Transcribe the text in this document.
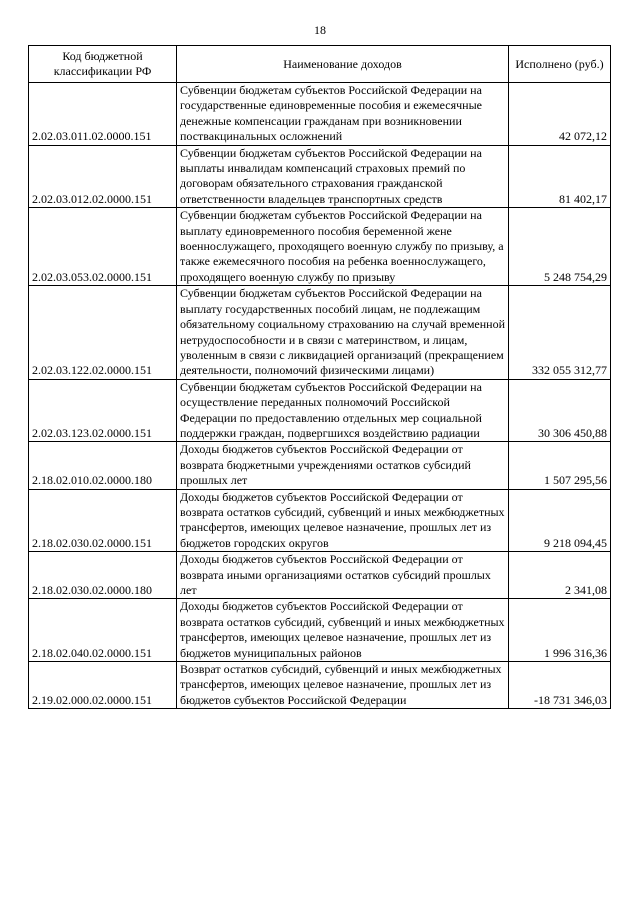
18
Код бюджетной классификации РФ	Наименование доходов	Исполнено (руб.)
2.02.03.011.02.0000.151	Субвенции бюджетам субъектов Российской Федерации на государственные единовременные пособия и ежемесячные денежные компенсации гражданам при возникновении поствакцинальных осложнений	42 072,12
2.02.03.012.02.0000.151	Субвенции бюджетам субъектов Российской Федерации на выплаты инвалидам компенсаций страховых премий по договорам обязательного страхования гражданской ответственности владельцев транспортных средств	81 402,17
2.02.03.053.02.0000.151	Субвенции бюджетам субъектов Российской Федерации на выплату единовременного пособия беременной жене военнослужащего, проходящего военную службу по призыву, а также ежемесячного пособия на ребенка военнослужащего, проходящего военную службу по призыву	5 248 754,29
2.02.03.122.02.0000.151	Субвенции бюджетам субъектов Российской Федерации на выплату государственных пособий лицам, не подлежащим обязательному социальному страхованию на случай временной нетрудоспособности и в связи с материнством, и лицам, уволенным в связи с ликвидацией организаций (прекращением деятельности, полномочий физическими лицами)	332 055 312,77
2.02.03.123.02.0000.151	Субвенции бюджетам субъектов Российской Федерации на осуществление переданных полномочий Российской Федерации по предоставлению отдельных мер социальной поддержки граждан, подвергшихся воздействию радиации	30 306 450,88
2.18.02.010.02.0000.180	Доходы бюджетов субъектов Российской Федерации от возврата бюджетными учреждениями остатков субсидий прошлых лет	1 507 295,56
2.18.02.030.02.0000.151	Доходы бюджетов субъектов Российской Федерации от возврата остатков субсидий, субвенций и иных межбюджетных трансфертов, имеющих целевое назначение, прошлых лет из бюджетов городских округов	9 218 094,45
2.18.02.030.02.0000.180	Доходы бюджетов субъектов Российской Федерации от возврата иными организациями остатков субсидий прошлых лет	2 341,08
2.18.02.040.02.0000.151	Доходы бюджетов субъектов Российской Федерации от возврата остатков субсидий, субвенций и иных межбюджетных трансфертов, имеющих целевое назначение, прошлых лет из бюджетов муниципальных районов	1 996 316,36
2.19.02.000.02.0000.151	Возврат остатков субсидий, субвенций и иных межбюджетных трансфертов, имеющих целевое назначение, прошлых лет из бюджетов субъектов Российской Федерации	-18 731 346,03
